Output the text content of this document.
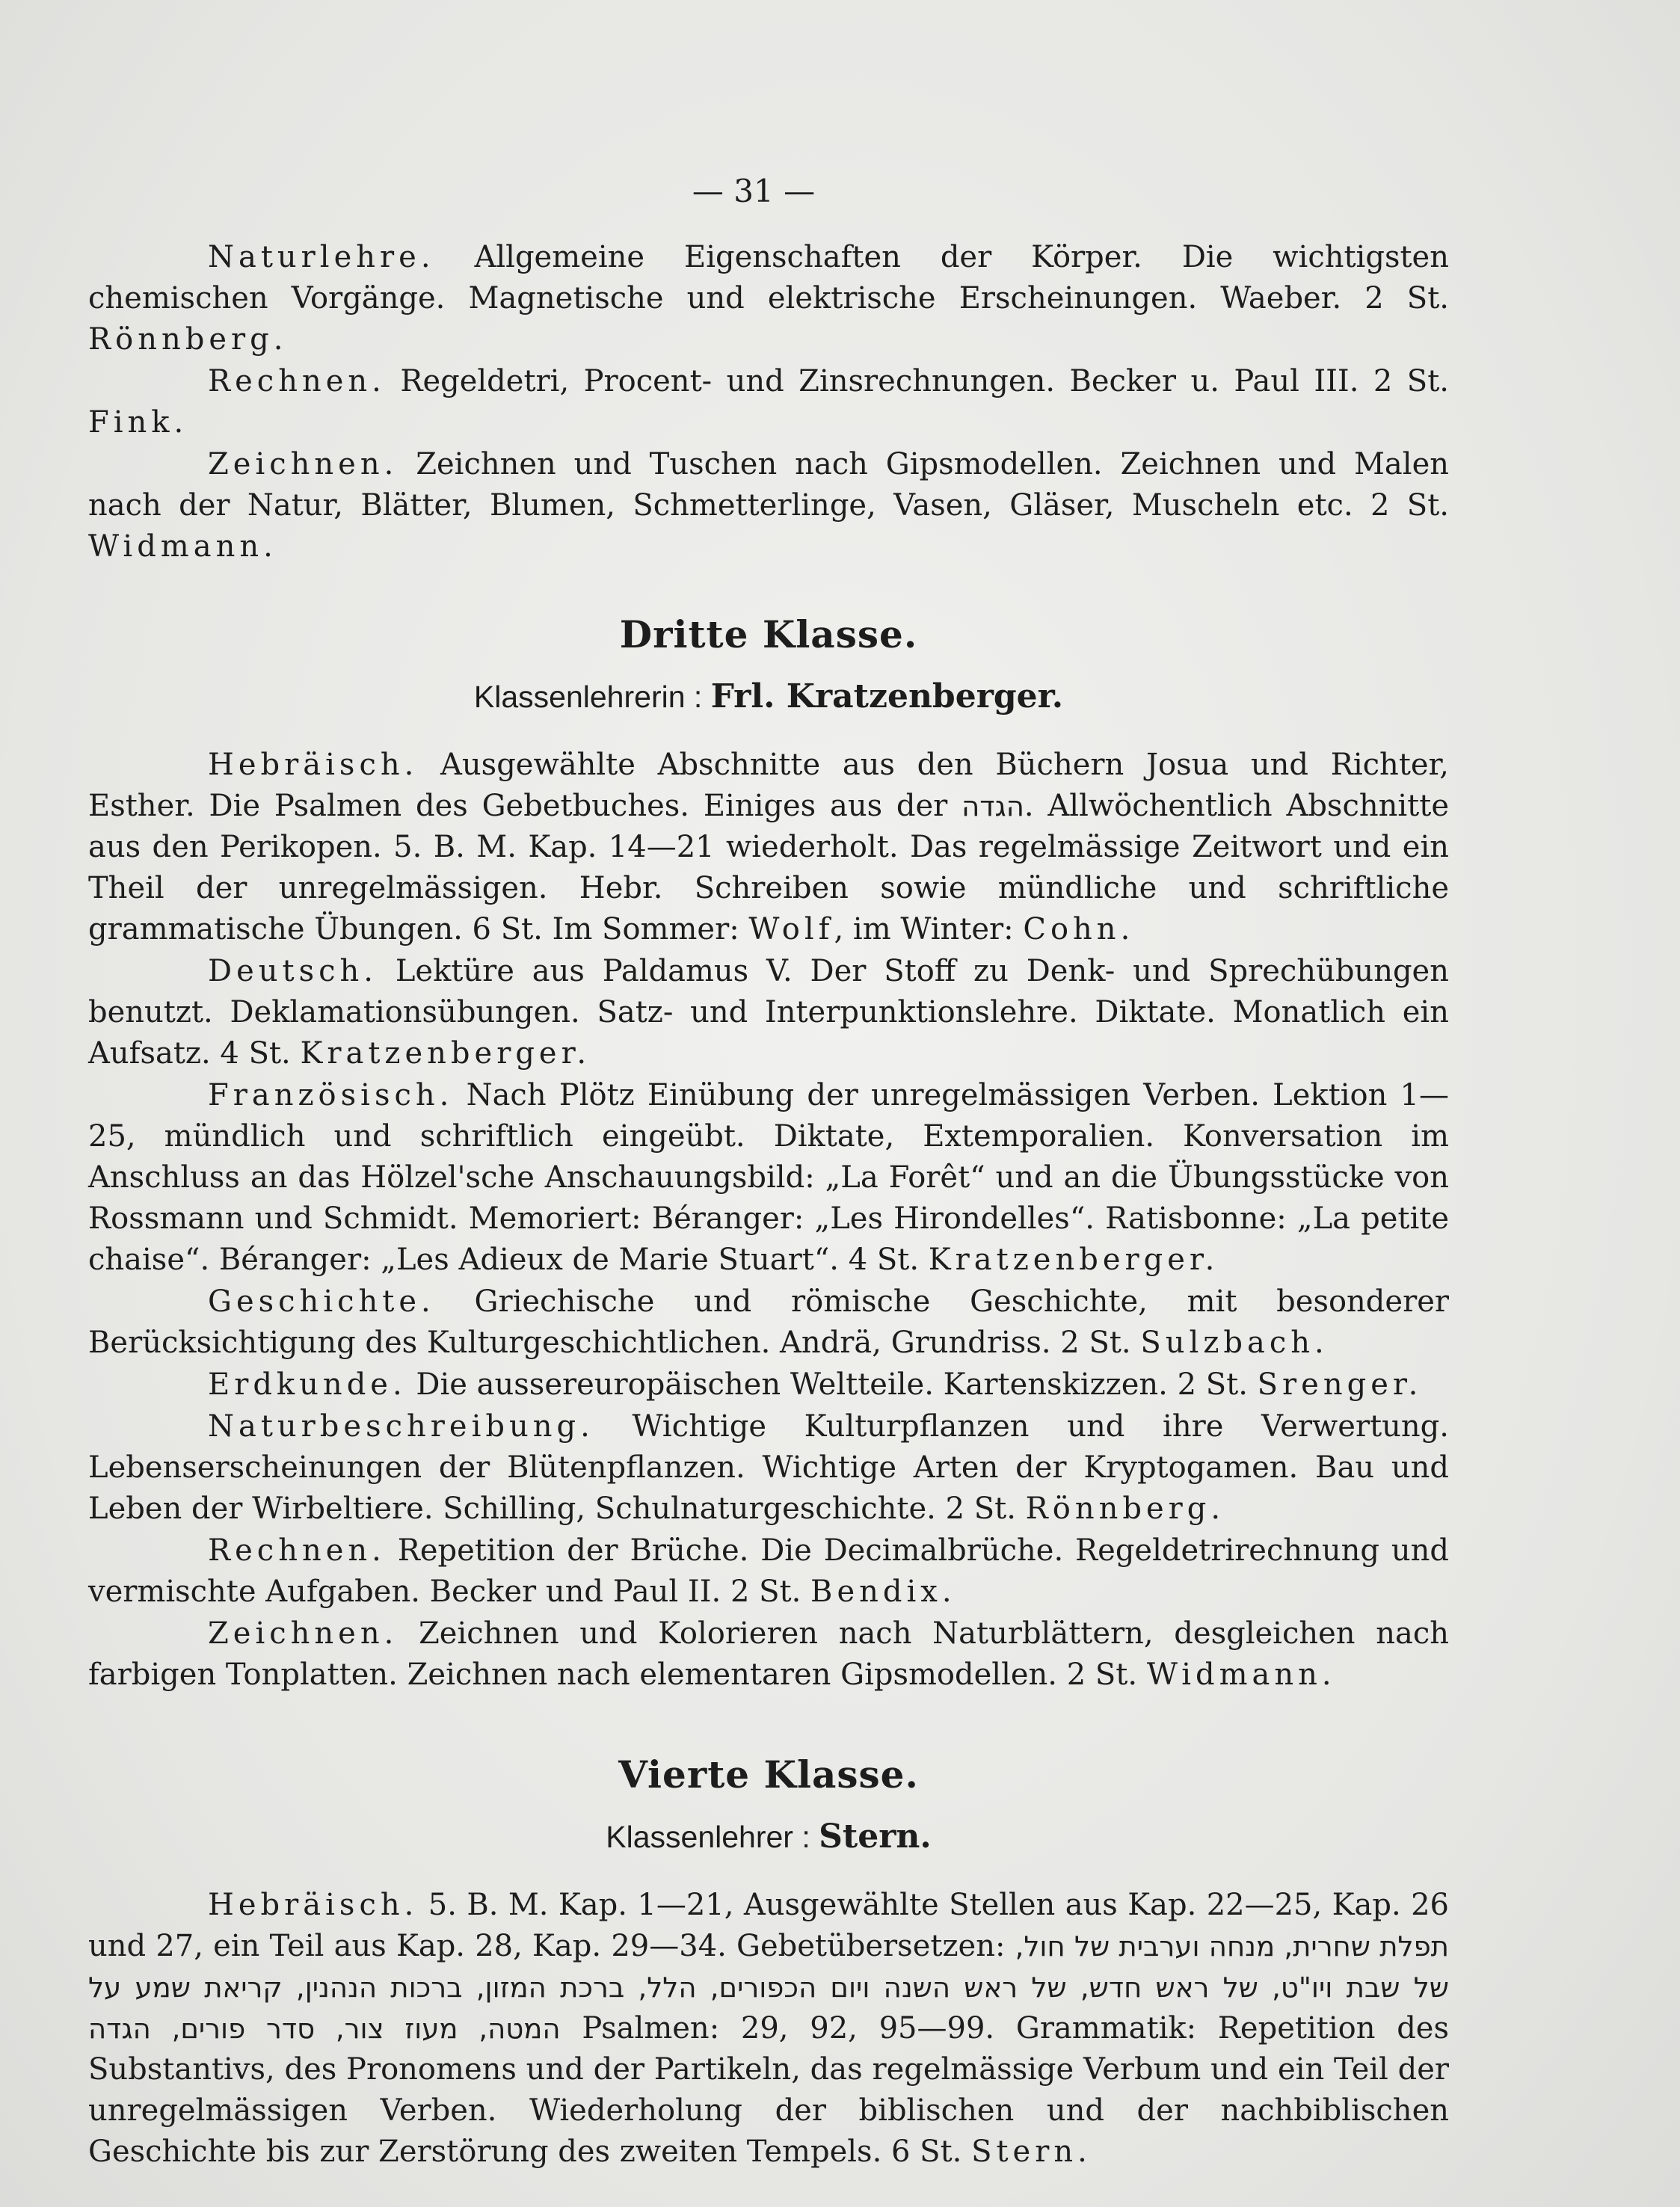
— 31 —

Naturlehre. Allgemeine Eigenschaften der Körper. Die wichtigsten chemischen Vorgänge. Magnetische und elektrische Erscheinungen. Waeber. 2 St. Rönnberg.

Rechnen. Regeldetri, Procent- und Zinsrechnungen. Becker u. Paul III. 2 St. Fink.

Zeichnen. Zeichnen und Tuschen nach Gipsmodellen. Zeichnen und Malen nach der Natur, Blätter, Blumen, Schmetterlinge, Vasen, Gläser, Muscheln etc. 2 St. Widmann.

Dritte Klasse.
Klassenlehrerin : Frl. Kratzenberger.

Hebräisch. Ausgewählte Abschnitte aus den Büchern Josua und Richter, Esther. Die Psalmen des Gebetbuches. Einiges aus der הגדה. Allwöchentlich Abschnitte aus den Perikopen. 5. B. M. Kap. 14—21 wiederholt. Das regelmässige Zeitwort und ein Theil der unregelmässigen. Hebr. Schreiben sowie mündliche und schriftliche grammatische Übungen. 6 St. Im Sommer: Wolf, im Winter: Cohn.

Deutsch. Lektüre aus Paldamus V. Der Stoff zu Denk- und Sprechübungen benutzt. Deklamationsübungen. Satz- und Interpunktionslehre. Diktate. Monatlich ein Aufsatz. 4 St. Kratzenberger.

Französisch. Nach Plötz Einübung der unregelmässigen Verben. Lektion 1—25, mündlich und schriftlich eingeübt. Diktate, Extemporalien. Konversation im Anschluss an das Hölzel'sche Anschauungsbild: „La Forêt“ und an die Übungsstücke von Rossmann und Schmidt. Memoriert: Béranger: „Les Hirondelles“. Ratisbonne: „La petite chaise“. Béranger: „Les Adieux de Marie Stuart“. 4 St. Kratzenberger.

Geschichte. Griechische und römische Geschichte, mit besonderer Berücksichtigung des Kulturgeschichtlichen. Andrä, Grundriss. 2 St. Sulzbach.

Erdkunde. Die aussereuropäischen Weltteile. Kartenskizzen. 2 St. Srenger.

Naturbeschreibung. Wichtige Kulturpflanzen und ihre Verwertung. Lebenserscheinungen der Blütenpflanzen. Wichtige Arten der Kryptogamen. Bau und Leben der Wirbeltiere. Schilling, Schulnaturgeschichte. 2 St. Rönnberg.

Rechnen. Repetition der Brüche. Die Decimalbrüche. Regeldetrirechnung und vermischte Aufgaben. Becker und Paul II. 2 St. Bendix.

Zeichnen. Zeichnen und Kolorieren nach Naturblättern, desgleichen nach farbigen Tonplatten. Zeichnen nach elementaren Gipsmodellen. 2 St. Widmann.

Vierte Klasse.
Klassenlehrer : Stern.

Hebräisch. 5. B. M. Kap. 1—21, Ausgewählte Stellen aus Kap. 22—25, Kap. 26 und 27, ein Teil aus Kap. 28, Kap. 29—34. Gebetübersetzen: תפלת שחרית, מנחה וערבית של חול, של שבת ויו"ט, של ראש חדש, של ראש השנה ויום הכפורים, הלל, ברכת המזון, ברכות הנהנין, קריאת שמע על המטה, מעוז צור, סדר פורים, הגדה Psalmen: 29, 92, 95—99. Grammatik: Repetition des Substantivs, des Pronomens und der Partikeln, das regelmässige Verbum und ein Teil der unregelmässigen Verben. Wiederholung der biblischen und der nachbiblischen Geschichte bis zur Zerstörung des zweiten Tempels. 6 St. Stern.
